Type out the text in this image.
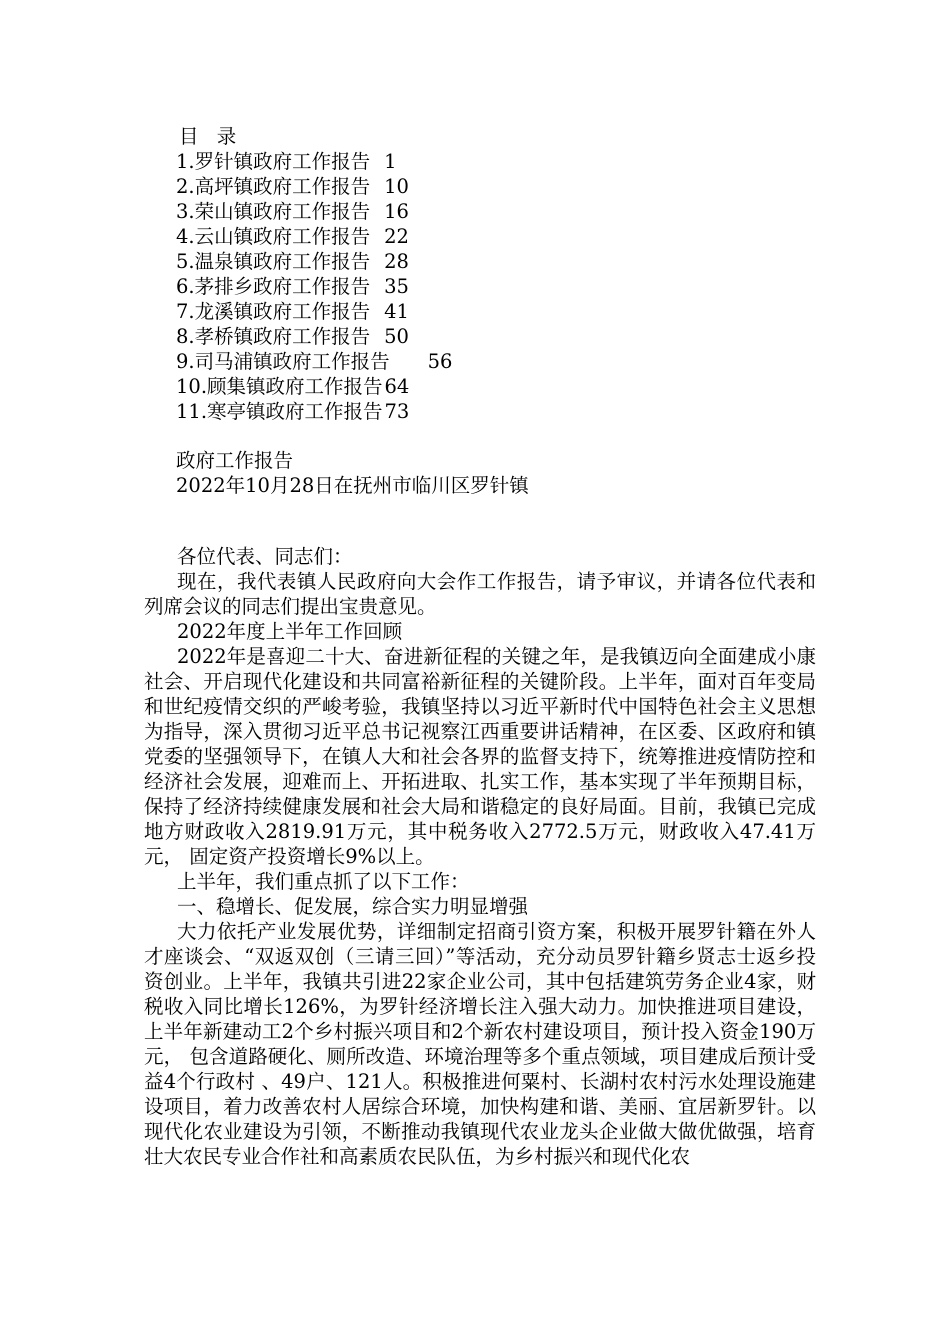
目 录
1.罗针镇政府工作报告 1
2.高坪镇政府工作报告 10
3.荣山镇政府工作报告 16
4.云山镇政府工作报告 22
5.温泉镇政府工作报告 28
6.茅排乡政府工作报告 35
7.龙溪镇政府工作报告 41
8.孝桥镇政府工作报告 50
9.司马浦镇政府工作报告 56
10.顾集镇政府工作报告 64
11.寒亭镇政府工作报告 73
政府工作报告
2022年10月28日在抚州市临川区罗针镇

各位代表、同志们：

现在，我代表镇人民政府向大会作工作报告，请予审议，并请各位代表和列席会议的同志们提出宝贵意见。

2022年度上半年工作回顾

2022年是喜迎二十大、奋进新征程的关键之年，是我镇迈向全面建成小康社会、开启现代化建设和共同富裕新征程的关键阶段。上半年，面对百年变局和世纪疫情交织的严峻考验，我镇坚持以习近平新时代中国特色社会主义思想为指导，深入贯彻习近平总书记视察江西重要讲话精神，在区委、区政府和镇党委的坚强领导下，在镇人大和社会各界的监督支持下，统筹推进疫情防控和经济社会发展，迎难而上、开拓进取、扎实工作，基本实现了半年预期目标，保持了经济持续健康发展和社会大局和谐稳定的良好局面。目前，我镇已完成地方财政收入2819.91万元，其中税务收入2772.5万元，财政收入47.41万元， 固定资产投资增长9%以上。

上半年，我们重点抓了以下工作：

一、稳增长、促发展，综合实力明显增强

大力依托产业发展优势，详细制定招商引资方案，积极开展罗针籍在外人才座谈会、“双返双创（三请三回）”等活动，充分动员罗针籍乡贤志士返乡投资创业。上半年，我镇共引进22家企业公司，其中包括建筑劳务企业4家，财税收入同比增长126%，为罗针经济增长注入强大动力。加快推进项目建设，上半年新建动工2个乡村振兴项目和2个新农村建设项目，预计投入资金190万元， 包含道路硬化、厕所改造、环境治理等多个重点领域，项目建成后预计受益4个行政村 、49户、121人。积极推进何粟村、长湖村农村污水处理设施建设项目，着力改善农村人居综合环境，加快构建和谐、美丽、宜居新罗针。以现代化农业建设为引领，不断推动我镇现代农业龙头企业做大做优做强，培育壮大农民专业合作社和高素质农民队伍，为乡村振兴和现代化农
